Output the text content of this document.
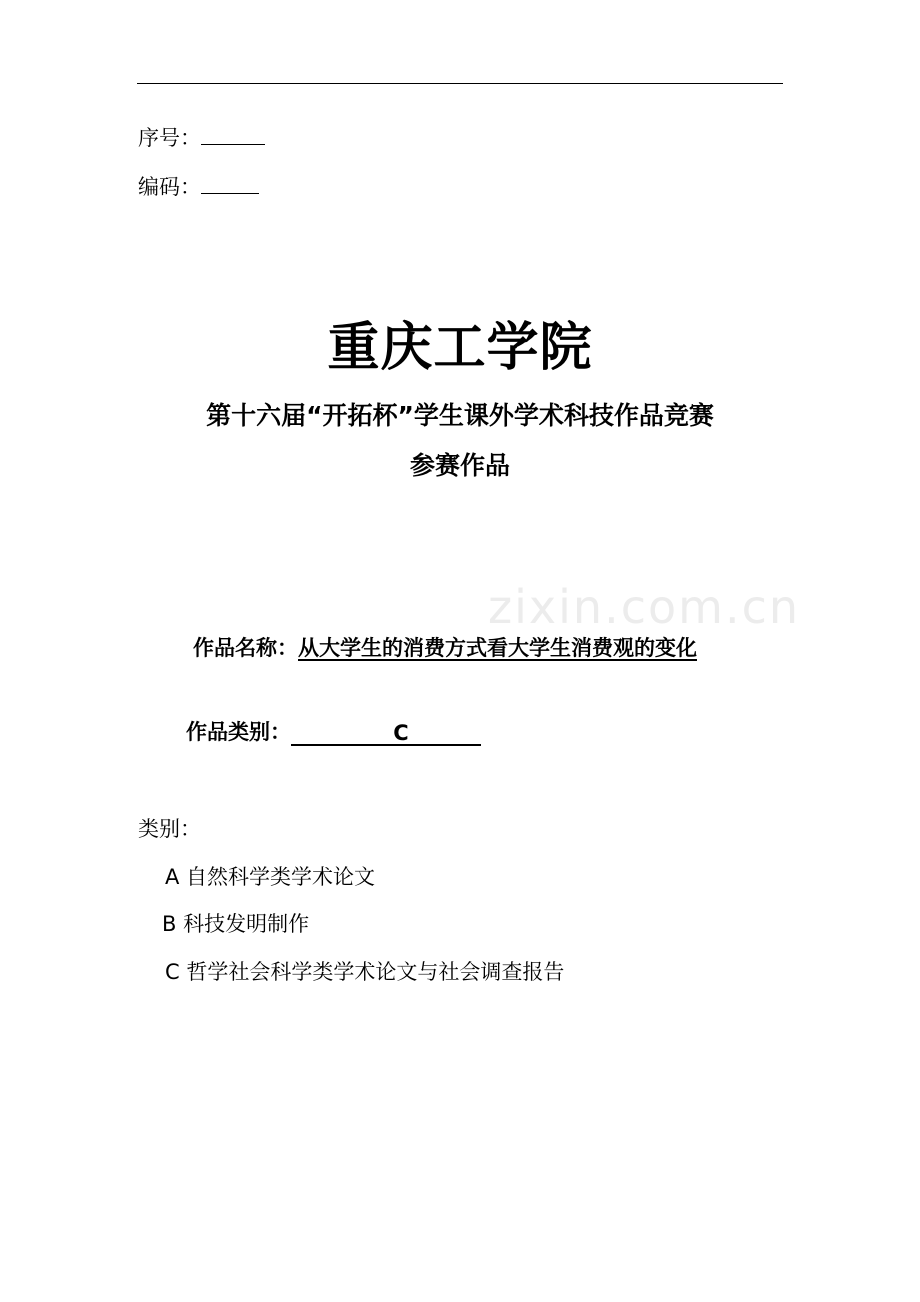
序号：
编码：
zixin.com.cn
重庆工学院
第十六届“开拓杯”学生课外学术科技作品竞赛
参赛作品
作品名称：从大学生的消费方式看大学生消费观的变化
作品类别：	C
类别：
A 自然科学类学术论文
B 科技发明制作
C 哲学社会科学类学术论文与社会调查报告
